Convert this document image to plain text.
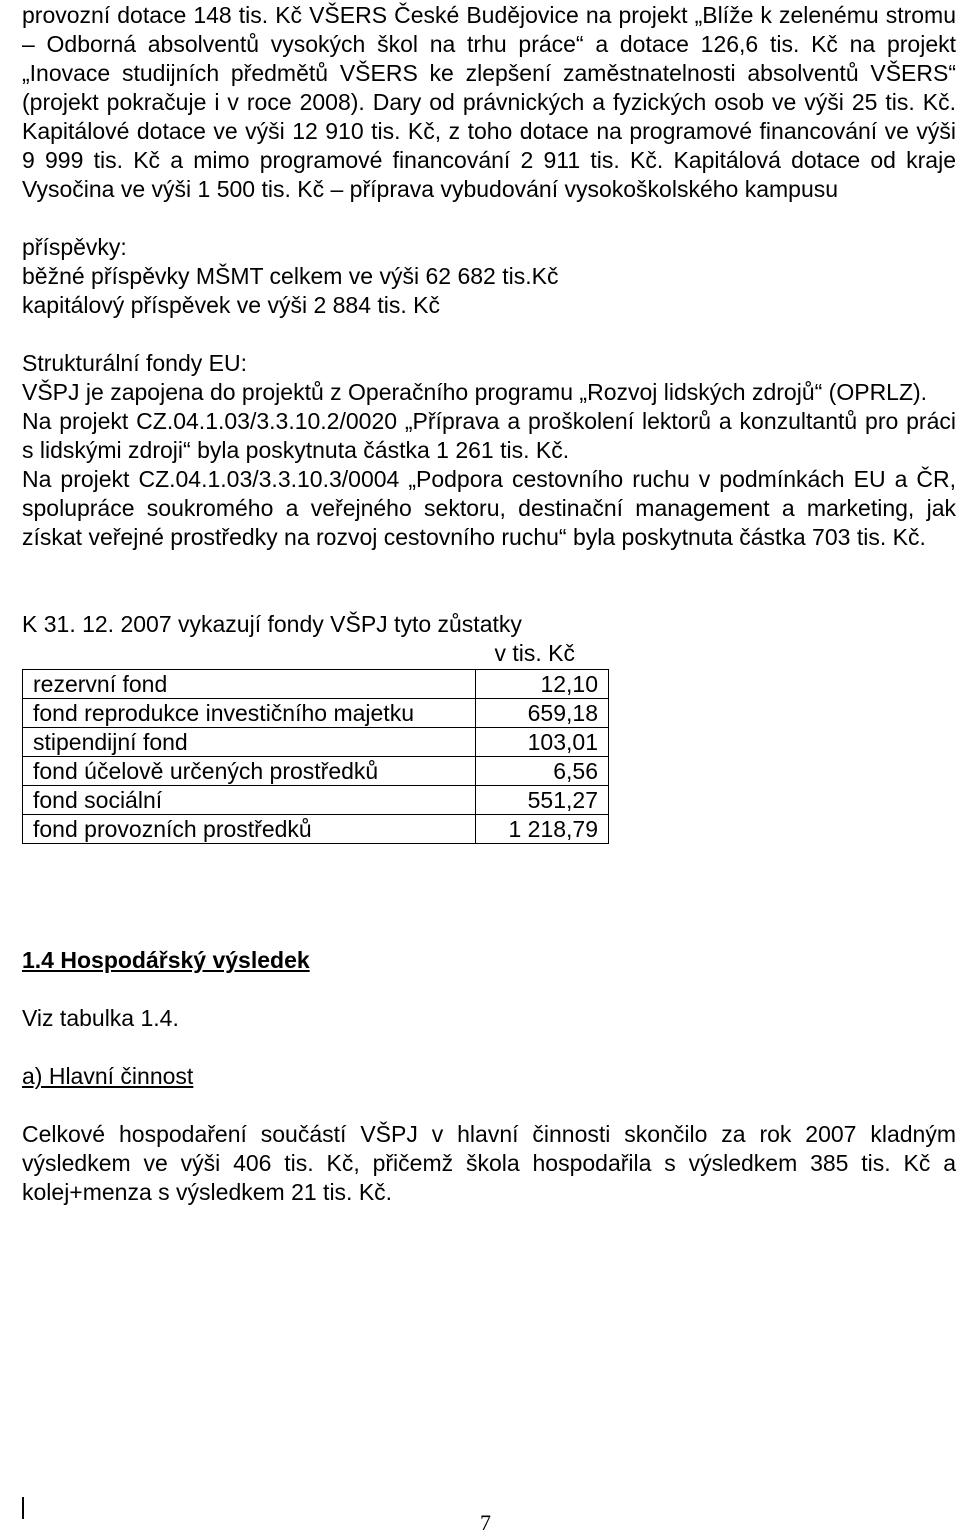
provozní dotace 148 tis. Kč VŠERS České Budějovice na projekt „Blíže k zelenému stromu – Odborná absolventů vysokých škol na trhu práce“ a dotace 126,6 tis. Kč na projekt „Inovace studijních předmětů VŠERS ke zlepšení zaměstnatelnosti absolventů VŠERS“ (projekt pokračuje i v roce 2008). Dary od právnických a fyzických osob ve výši 25 tis. Kč. Kapitálové dotace ve výši 12 910 tis. Kč, z toho dotace na programové financování ve výši 9 999 tis. Kč a mimo programové financování 2 911 tis. Kč. Kapitálová dotace od kraje Vysočina ve výši 1 500 tis. Kč – příprava vybudování vysokoškolského kampusu

příspěvky:

běžné příspěvky MŠMT celkem ve výši 62 682 tis.Kč

kapitálový příspěvek ve výši 2 884 tis. Kč

Strukturální fondy EU:

VŠPJ je zapojena do projektů z Operačního programu „Rozvoj lidských zdrojů“ (OPRLZ).

Na projekt CZ.04.1.03/3.3.10.2/0020 „Příprava a proškolení lektorů a konzultantů pro práci s lidskými zdroji“ byla poskytnuta částka 1 261 tis. Kč.

Na projekt CZ.04.1.03/3.3.10.3/0004 „Podpora cestovního ruchu v podmínkách EU a ČR, spolupráce soukromého a veřejného sektoru, destinační management a marketing, jak získat veřejné prostředky na rozvoj cestovního ruchu“ byla poskytnuta částka 703 tis. Kč.

K 31. 12. 2007 vykazují fondy VŠPJ tyto zůstatky

v tis. Kč

rezervní fond	12,10
fond reprodukce investičního majetku	659,18
stipendijní fond	103,01
fond účelově určených prostředků	6,56
fond sociální	551,27
fond provozních prostředků	1 218,79

1.4 Hospodářský výsledek

Viz tabulka 1.4.

a) Hlavní činnost

Celkové hospodaření součástí VŠPJ v hlavní činnosti skončilo za rok 2007 kladným výsledkem ve výši 406 tis. Kč, přičemž škola hospodařila s výsledkem 385 tis. Kč a kolej+menza s výsledkem 21 tis. Kč.

7
